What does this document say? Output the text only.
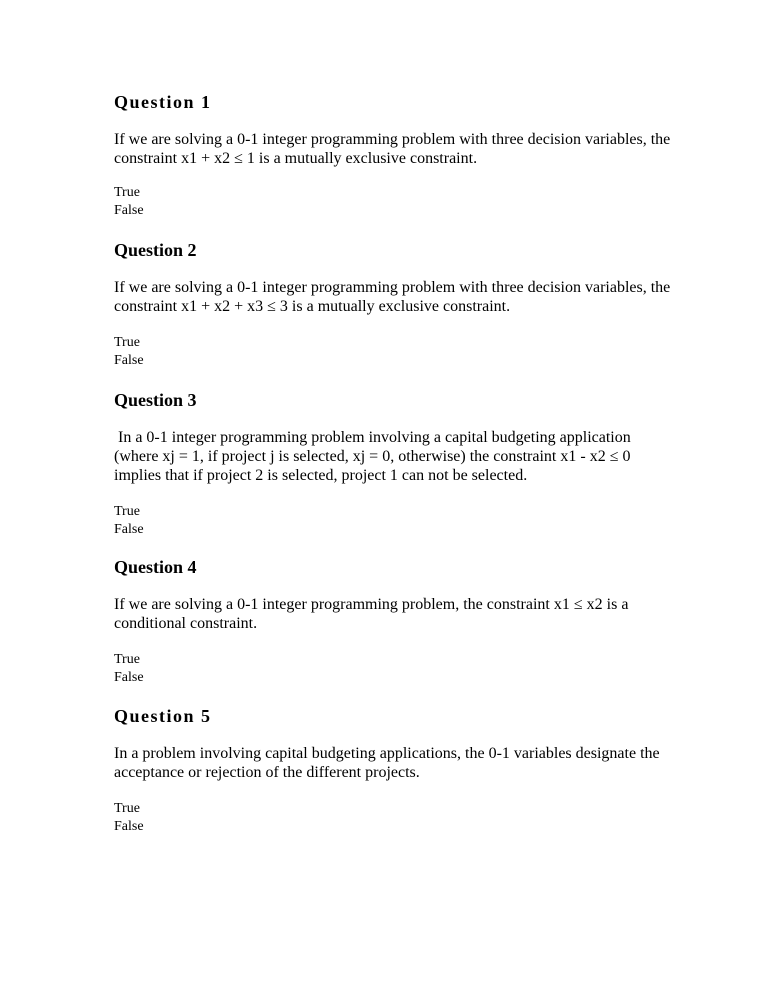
Question 1

If we are solving a 0-1 integer programming problem with three decision variables, the constraint x1 + x2 ≤ 1 is a mutually exclusive constraint.

True
False

Question 2

If we are solving a 0-1 integer programming problem with three decision variables, the constraint x1 + x2 + x3 ≤ 3 is a mutually exclusive constraint.

True
False

Question 3

In a 0-1 integer programming problem involving a capital budgeting application (where xj = 1, if project j is selected, xj = 0, otherwise) the constraint x1 - x2 ≤ 0 implies that if project 2 is selected, project 1 can not be selected.

True
False

Question 4

If we are solving a 0-1 integer programming problem, the constraint x1 ≤ x2 is a conditional constraint.

True
False

Question 5

In a problem involving capital budgeting applications, the 0-1 variables designate the acceptance or rejection of the different projects.

True
False
